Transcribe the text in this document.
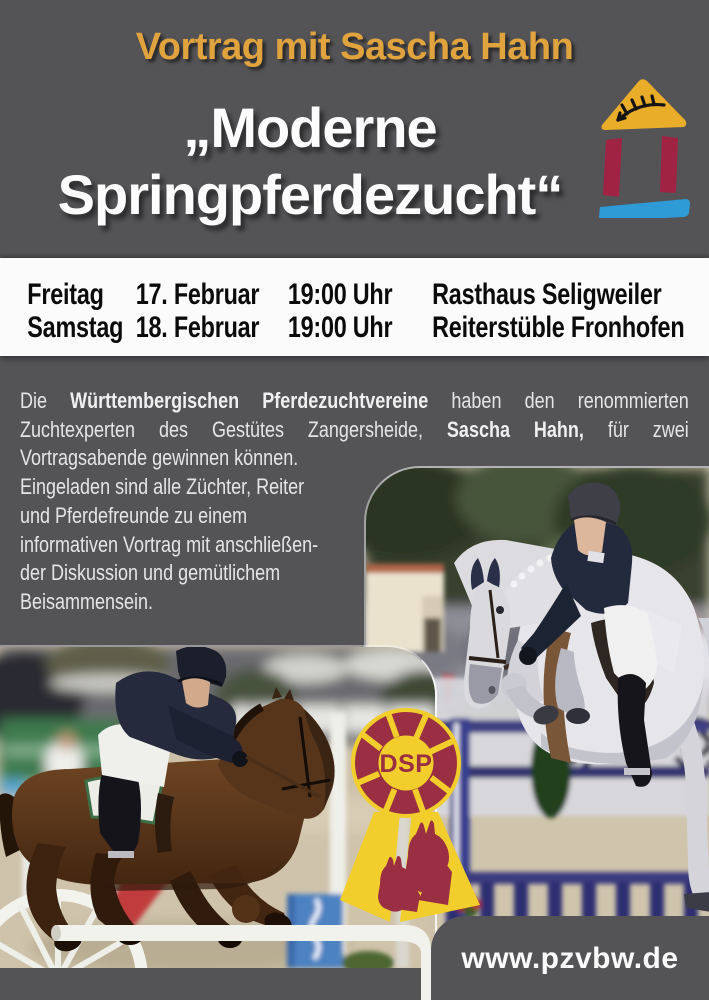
Vortrag mit Sascha Hahn
„Moderne
Springpferdezucht“
Freitag	17. Februar 19:00 Uhr	Rasthaus Seligweiler
Samstag 18. Februar 19:00 Uhr	Reiterstüble Fronhofen
Die Württembergischen Pferdezuchtvereine haben den renommierten
Zuchtexperten des Gestütes Zangersheide, Sascha Hahn, für zwei
Vortragsabende gewinnen können.
Eingeladen sind alle Züchter, Reiter
und Pferdefreunde zu einem
informativen Vortrag mit anschließen-
der Diskussion und gemütlichem
Beisammensein.
DSP
www.pzvbw.de
